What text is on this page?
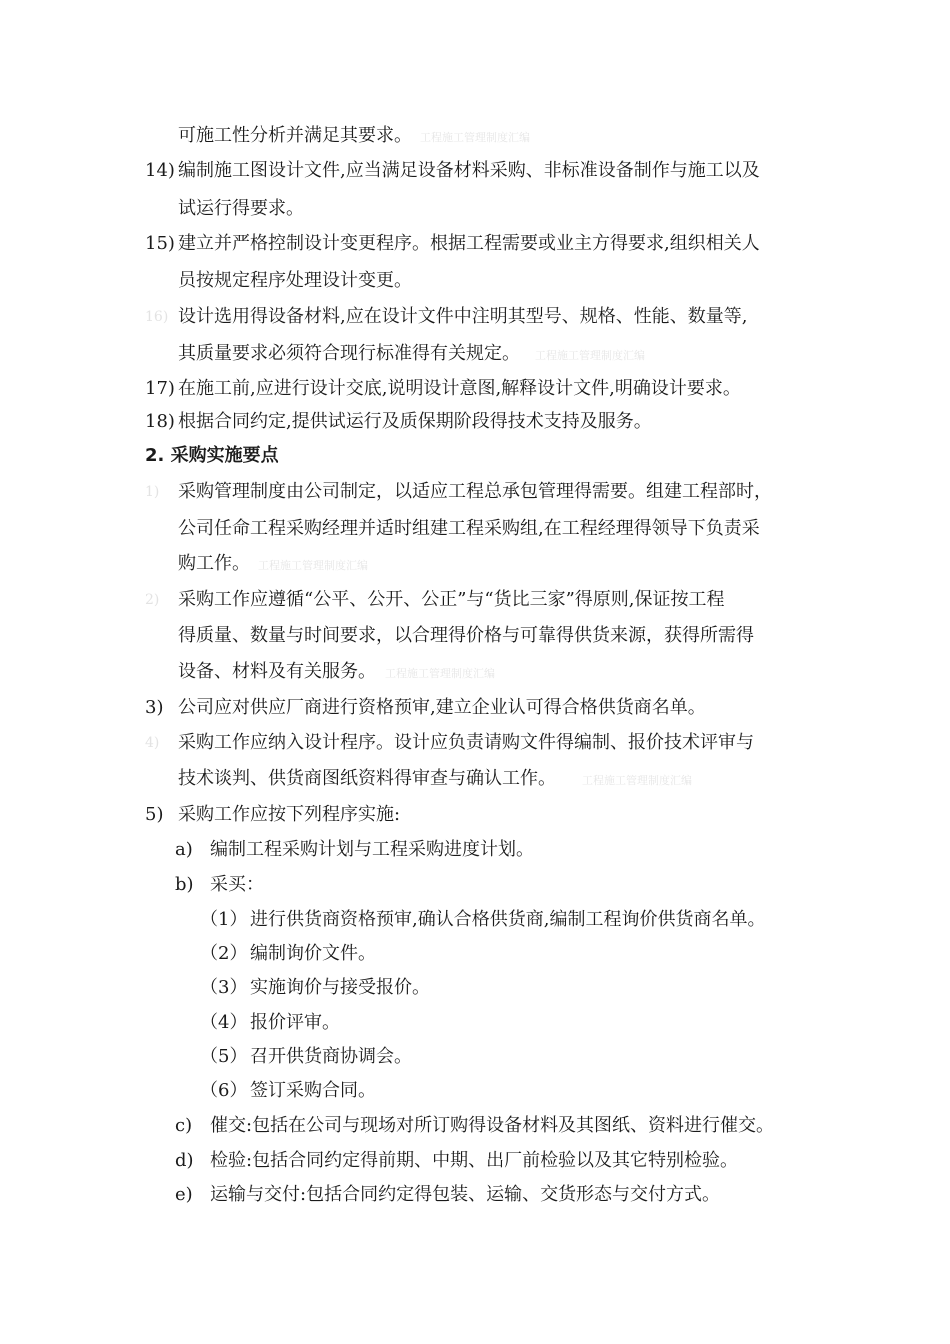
可施工性分析并满足其要求。 工程施工管理制度汇编
14) 编制施工图设计文件,应当满足设备材料采购、非标准设备制作与施工以及
试运行得要求。
15) 建立并严格控制设计变更程序。根据工程需要或业主方得要求,组织相关人
员按规定程序处理设计变更。
16) 设计选用得设备材料,应在设计文件中注明其型号、规格、性能、数量等,
其质量要求必须符合现行标准得有关规定。 工程施工管理制度汇编
17) 在施工前,应进行设计交底,说明设计意图,解释设计文件,明确设计要求。
18) 根据合同约定,提供试运行及质保期阶段得技术支持及服务。
2. 采购实施要点
1) 采购管理制度由公司制定，以适应工程总承包管理得需要。组建工程部时，
公司任命工程采购经理并适时组建工程采购组,在工程经理得领导下负责采
购工作。 工程施工管理制度汇编
2) 采购工作应遵循“公平、公开、公正”与“货比三家”得原则,保证按工程
得质量、数量与时间要求，以合理得价格与可靠得供货来源，获得所需得
设备、材料及有关服务。 工程施工管理制度汇编
3) 公司应对供应厂商进行资格预审,建立企业认可得合格供货商名单。
4) 采购工作应纳入设计程序。设计应负责请购文件得编制、报价技术评审与
技术谈判、供货商图纸资料得审查与确认工作。 工程施工管理制度汇编
5) 采购工作应按下列程序实施:
a) 编制工程采购计划与工程采购进度计划。
b) 采买：
（1） 进行供货商资格预审,确认合格供货商,编制工程询价供货商名单。
（2） 编制询价文件。
（3） 实施询价与接受报价。
（4） 报价评审。
（5） 召开供货商协调会。
（6） 签订采购合同。
c) 催交:包括在公司与现场对所订购得设备材料及其图纸、资料进行催交。
d) 检验:包括合同约定得前期、中期、出厂前检验以及其它特别检验。
e) 运输与交付:包括合同约定得包装、运输、交货形态与交付方式。
